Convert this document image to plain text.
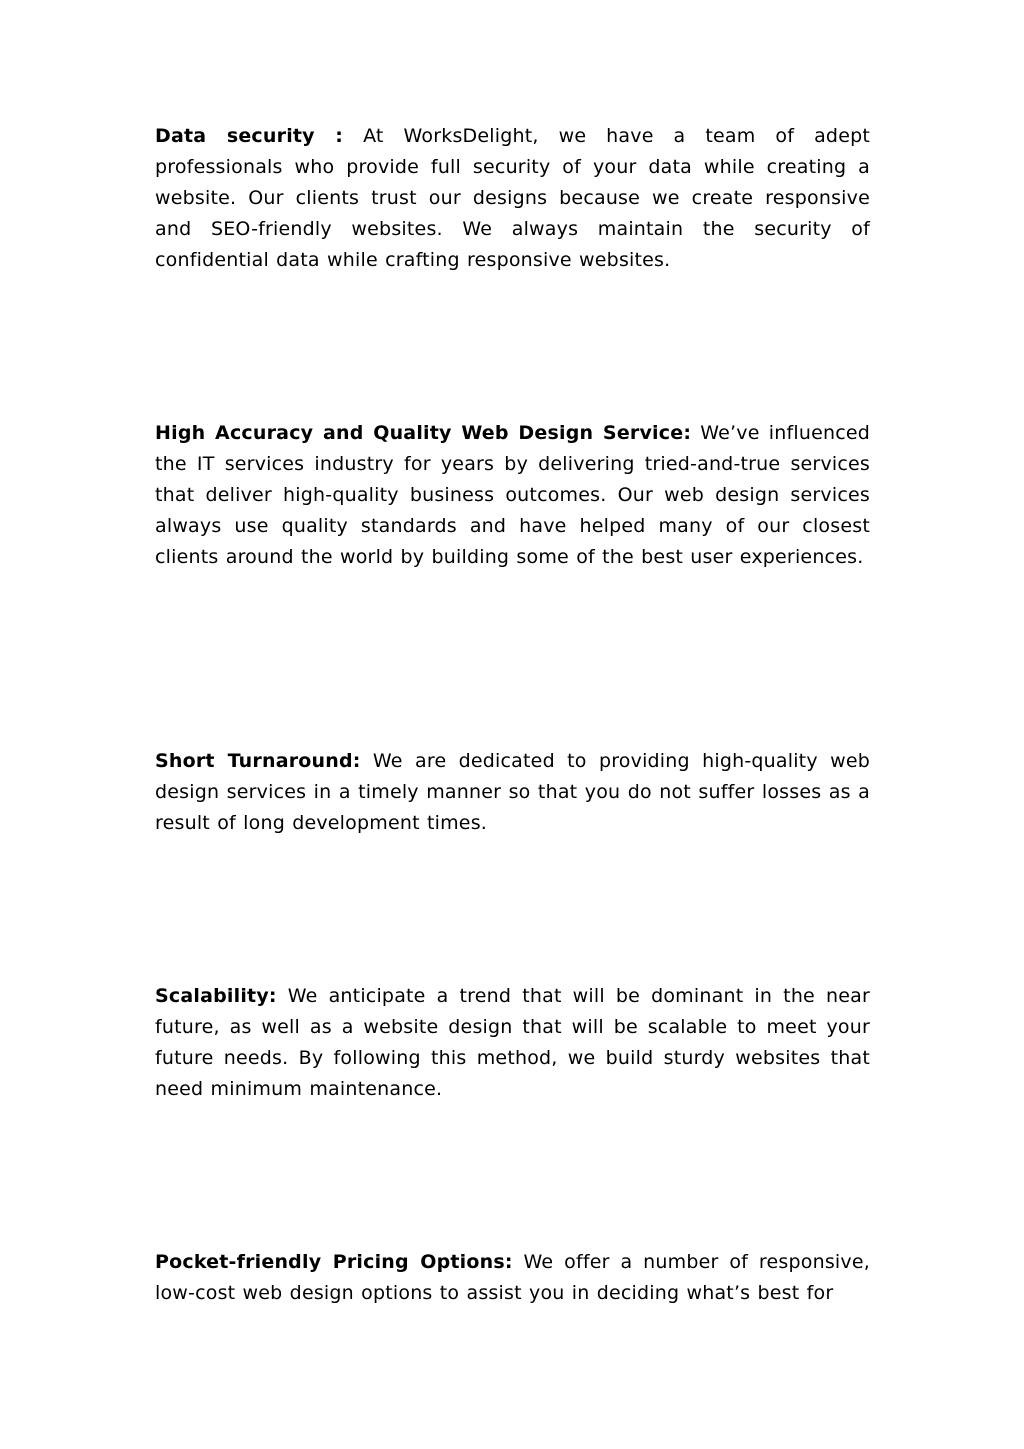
Data security : At WorksDelight, we have a team of adept professionals who provide full security of your data while creating a website. Our clients trust our designs because we create responsive and SEO-friendly websites. We always maintain the security of confidential data while crafting responsive websites.

High Accuracy and Quality Web Design Service: We’ve influenced the IT services industry for years by delivering tried-and-true services that deliver high-quality business outcomes. Our web design services always use quality standards and have helped many of our closest clients around the world by building some of the best user experiences.

Short Turnaround: We are dedicated to providing high-quality web design services in a timely manner so that you do not suffer losses as a result of long development times.

Scalability: We anticipate a trend that will be dominant in the near future, as well as a website design that will be scalable to meet your future needs. By following this method, we build sturdy websites that need minimum maintenance.

Pocket-friendly Pricing Options: We offer a number of responsive, low-cost web design options to assist you in deciding what’s best for
